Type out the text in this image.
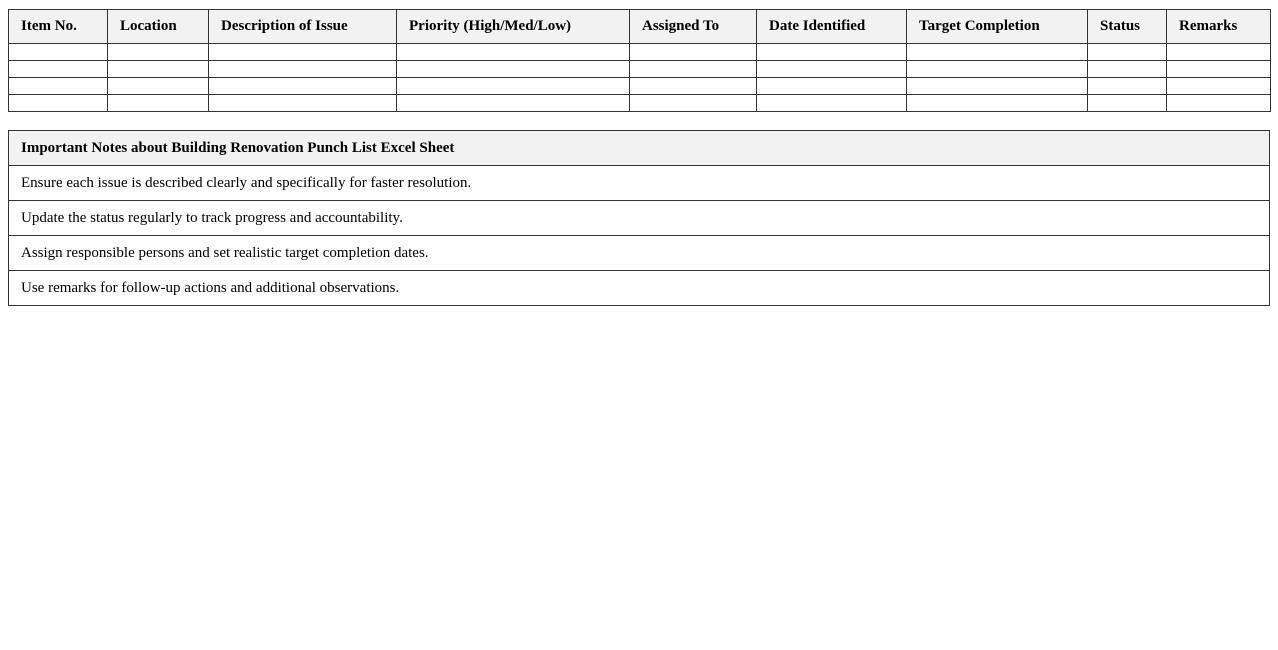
Item No.	Location	Description of Issue	Priority (High/Med/Low)	Assigned To	Date Identified	Target Completion	Status	Remarks

Important Notes about Building Renovation Punch List Excel Sheet
Ensure each issue is described clearly and specifically for faster resolution.
Update the status regularly to track progress and accountability.
Assign responsible persons and set realistic target completion dates.
Use remarks for follow-up actions and additional observations.
